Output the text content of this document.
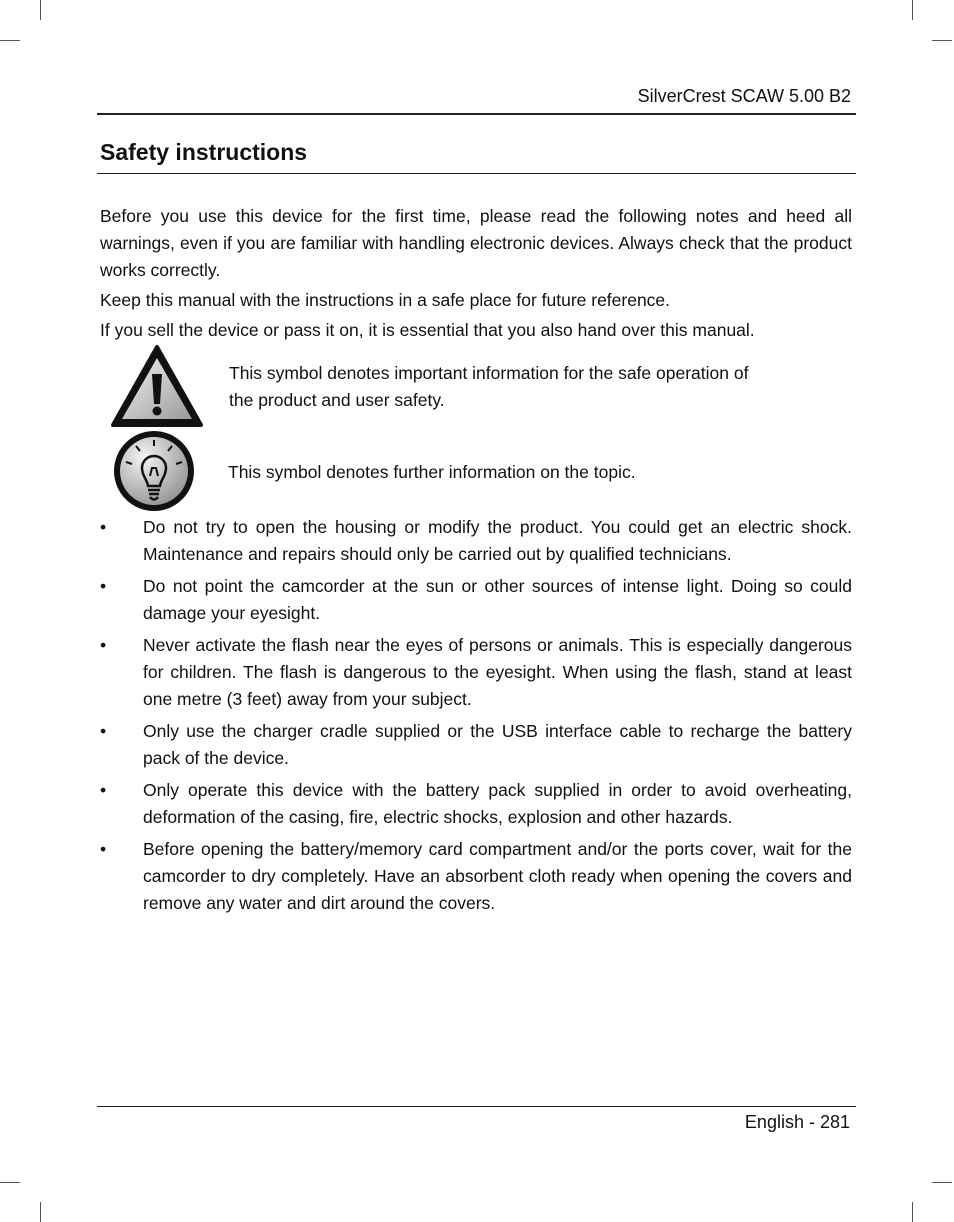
SilverCrest SCAW 5.00 B2
Safety instructions

Before you use this device for the first time, please read the following notes and heed all warnings, even if you are familiar with handling electronic devices. Always check that the product works correctly.

Keep this manual with the instructions in a safe place for future reference.

If you sell the device or pass it on, it is essential that you also hand over this manual.

This symbol denotes important information for the safe operation of
the product and user safety.
This symbol denotes further information on the topic.
• Do not try to open the housing or modify the product. You could get an electric shock. Maintenance and repairs should only be carried out by qualified technicians.
• Do not point the camcorder at the sun or other sources of intense light. Doing so could damage your eyesight.
• Never activate the flash near the eyes of persons or animals. This is especially dangerous for children. The flash is dangerous to the eyesight. When using the flash, stand at least one metre (3 feet) away from your subject.
• Only use the charger cradle supplied or the USB interface cable to recharge the battery pack of the device.
• Only operate this device with the battery pack supplied in order to avoid overheating, deformation of the casing, fire, electric shocks, explosion and other hazards.
• Before opening the battery/memory card compartment and/or the ports cover, wait for the camcorder to dry completely. Have an absorbent cloth ready when opening the covers and remove any water and dirt around the covers.
English - 281
